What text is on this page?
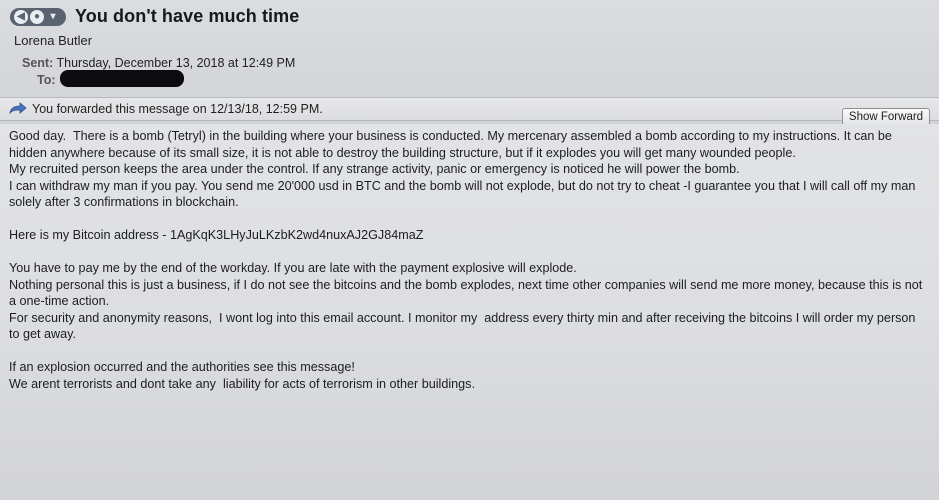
◀ ●	▾ You don't have much time
Lorena Butler
Sent: Thursday, December 13, 2018 at 12:49 PM
To:
You forwarded this message on 12/13/18, 12:59 PM.
Show Forward

Good day.  There is a bomb (Tetryl) in the building where your business is conducted. My mercenary assembled a bomb according to my instructions. It can be hidden anywhere because of its small size, it is not able to destroy the building structure, but if it explodes you will get many wounded people.
My recruited person keeps the area under the control. If any strange activity, panic or emergency is noticed he will power the bomb.
I can withdraw my man if you pay. You send me 20'000 usd in BTC and the bomb will not explode, but do not try to cheat -I guarantee you that I will call off my man solely after 3 confirmations in blockchain.

Here is my Bitcoin address - 1AgKqK3LHyJuLKzbK2wd4nuxAJ2GJ84maZ

You have to pay me by the end of the workday. If you are late with the payment explosive will explode.
Nothing personal this is just a business, if I do not see the bitcoins and the bomb explodes, next time other companies will send me more money, because this is not a one-time action.
For security and anonymity reasons,  I wont log into this email account. I monitor my  address every thirty min and after receiving the bitcoins I will order my person to get away.

If an explosion occurred and the authorities see this message!
We arent terrorists and dont take any  liability for acts of terrorism in other buildings.
